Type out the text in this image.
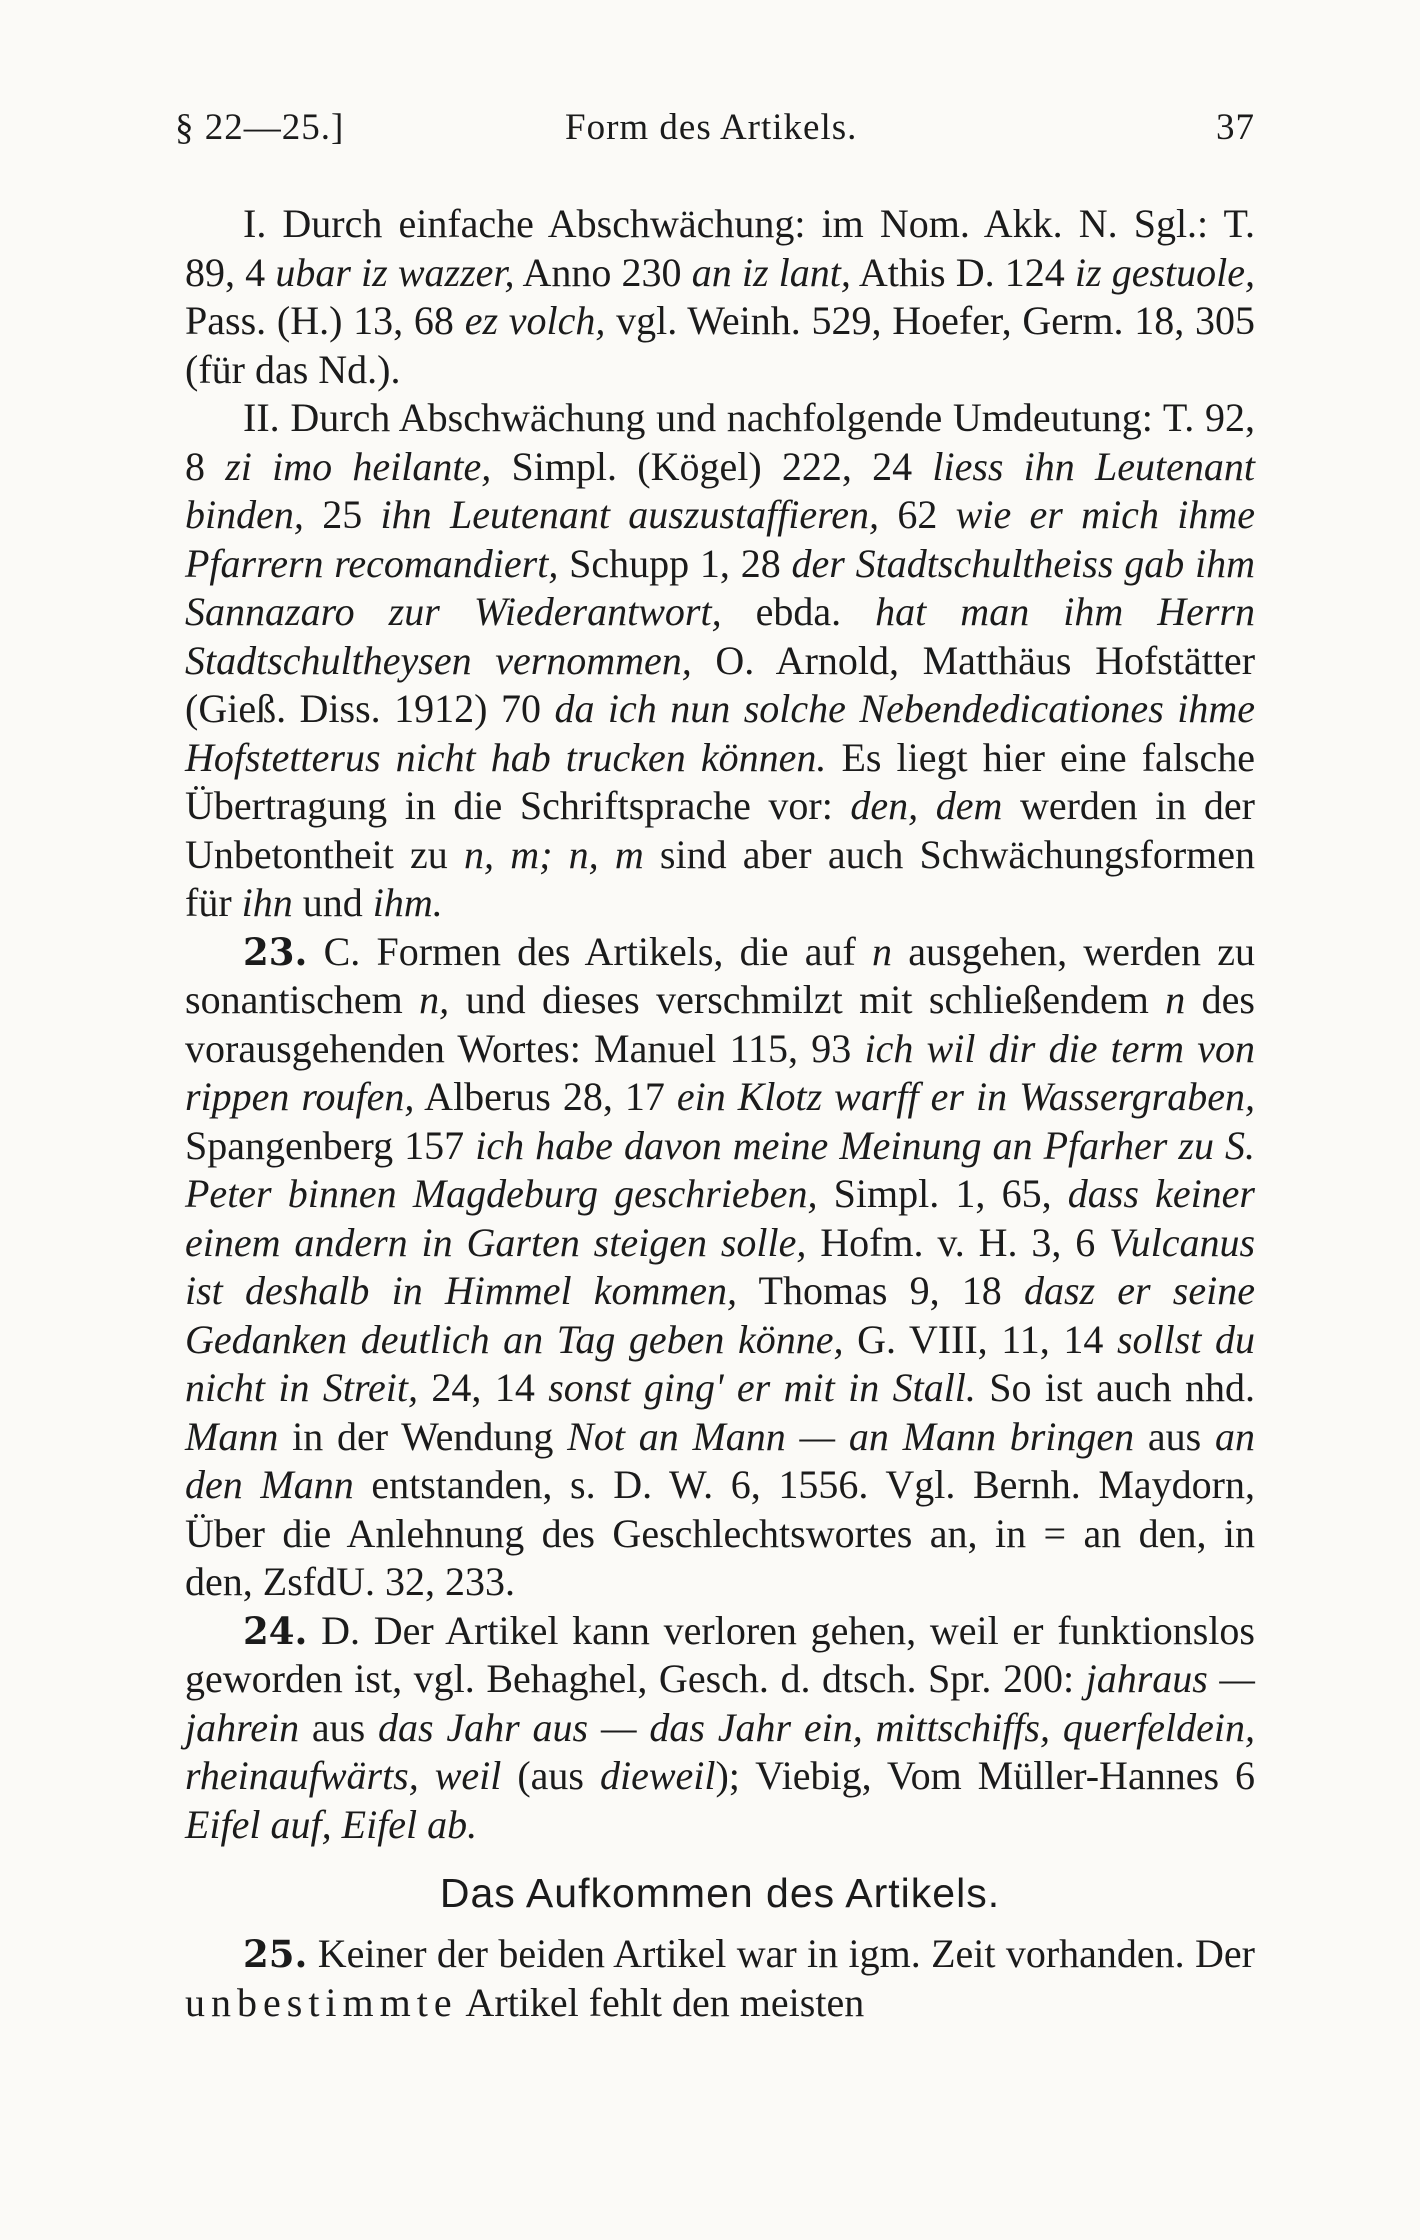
§ 22—25.]	Form des Artikels.	37

I. Durch einfache Abschwächung: im Nom. Akk. N. Sgl.: T. 89, 4 ubar iz wazzer, Anno 230 an iz lant, Athis D. 124 iz gestuole, Pass. (H.) 13, 68 ez volch, vgl. Weinh. 529, Hoefer, Germ. 18, 305 (für das Nd.).

II. Durch Abschwächung und nachfolgende Umdeutung: T. 92, 8 zi imo heilante, Simpl. (Kögel) 222, 24 liess ihn Leutenant binden, 25 ihn Leutenant auszustaffieren, 62 wie er mich ihme Pfarrern recomandiert, Schupp 1, 28 der Stadtschultheiss gab ihm Sannazaro zur Wiederantwort, ebda. hat man ihm Herrn Stadtschultheysen vernommen, O. Arnold, Matthäus Hofstätter (Gieß. Diss. 1912) 70 da ich nun solche Nebendedicationes ihme Hofstetterus nicht hab trucken können. Es liegt hier eine falsche Übertragung in die Schriftsprache vor: den, dem werden in der Unbetontheit zu n, m; n, m sind aber auch Schwächungsformen für ihn und ihm.

23. C. Formen des Artikels, die auf n ausgehen, werden zu sonantischem n, und dieses verschmilzt mit schließendem n des vorausgehenden Wortes: Manuel 115, 93 ich wil dir die term von rippen roufen, Alberus 28, 17 ein Klotz warff er in Wassergraben, Spangenberg 157 ich habe davon meine Meinung an Pfarher zu S. Peter binnen Magdeburg geschrieben, Simpl. 1, 65, dass keiner einem andern in Garten steigen solle, Hofm. v. H. 3, 6 Vulcanus ist deshalb in Himmel kommen, Thomas 9, 18 dasz er seine Gedanken deutlich an Tag geben könne, G. VIII, 11, 14 sollst du nicht in Streit, 24, 14 sonst ging' er mit in Stall. So ist auch nhd. Mann in der Wendung Not an Mann — an Mann bringen aus an den Mann entstanden, s. D. W. 6, 1556. Vgl. Bernh. Maydorn, Über die Anlehnung des Geschlechtswortes an, in = an den, in den, ZsfdU. 32, 233.

24. D. Der Artikel kann verloren gehen, weil er funktionslos geworden ist, vgl. Behaghel, Gesch. d. dtsch. Spr. 200: jahraus — jahrein aus das Jahr aus — das Jahr ein, mittschiffs, querfeldein, rheinaufwärts, weil (aus dieweil); Viebig, Vom Müller-Hannes 6 Eifel auf, Eifel ab.

Das Aufkommen des Artikels.

25. Keiner der beiden Artikel war in igm. Zeit vorhanden. Der unbestimmte Artikel fehlt den meisten
